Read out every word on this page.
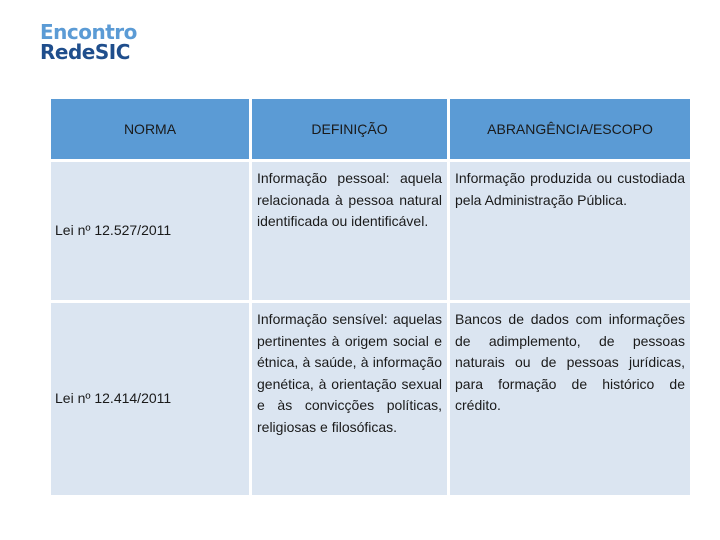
Encontro
RedeSIC
NORMA	DEFINIÇÃO	ABRANGÊNCIA/ESCOPO
Lei nº 12.527/2011	Informação pessoal: aquela relacionada à pessoa natural identificada ou identificável.	Informação produzida ou custodiada pela Administração Pública.
Lei nº 12.414/2011	Informação sensível: aquelas pertinentes à origem social e étnica, à saúde, à informação genética, à orientação sexual e às convicções políticas, religiosas e filosóficas.	Bancos de dados com informações de adimplemento, de pessoas naturais ou de pessoas jurídicas, para formação de histórico de crédito.
